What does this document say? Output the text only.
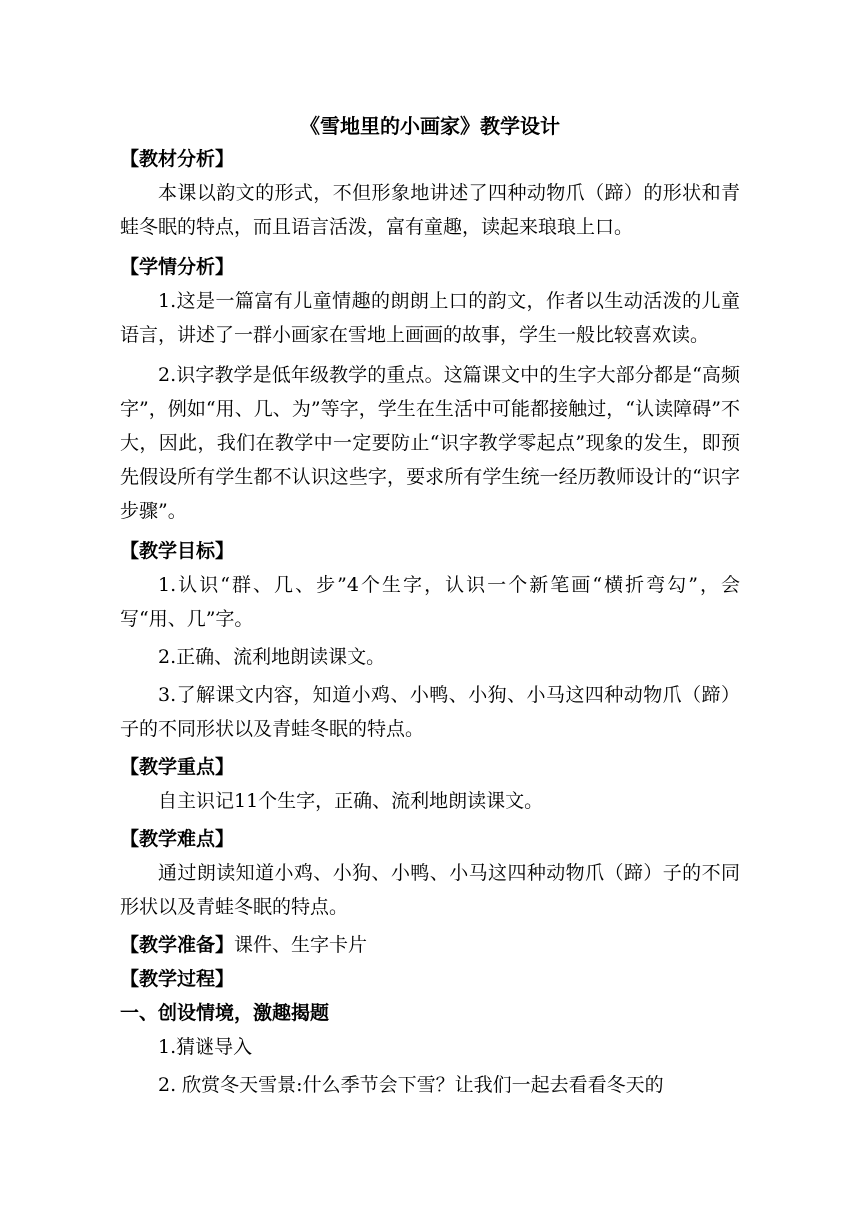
《雪地里的小画家》教学设计
【教材分析】
本课以韵文的形式，不但形象地讲述了四种动物爪（蹄）的形状和青蛙冬眠的特点，而且语言活泼，富有童趣，读起来琅琅上口。
【学情分析】
1.这是一篇富有儿童情趣的朗朗上口的韵文，作者以生动活泼的儿童语言，讲述了一群小画家在雪地上画画的故事，学生一般比较喜欢读。
2.识字教学是低年级教学的重点。这篇课文中的生字大部分都是“高频字”，例如“用、几、为”等字，学生在生活中可能都接触过，“认读障碍”不大，因此，我们在教学中一定要防止“识字教学零起点”现象的发生，即预先假设所有学生都不认识这些字，要求所有学生统一经历教师设计的“识字步骤”。
【教学目标】
1.认识“群、几、步”4个生字，认识一个新笔画“横折弯勾”，会写“用、几”字。
2.正确、流利地朗读课文。
3.了解课文内容，知道小鸡、小鸭、小狗、小马这四种动物爪（蹄）子的不同形状以及青蛙冬眠的特点。
【教学重点】
自主识记11个生字，正确、流利地朗读课文。
【教学难点】
通过朗读知道小鸡、小狗、小鸭、小马这四种动物爪（蹄）子的不同形状以及青蛙冬眠的特点。
【教学准备】课件、生字卡片
【教学过程】
一、创设情境，激趣揭题
1.猜谜导入
2. 欣赏冬天雪景:什么季节会下雪？让我们一起去看看冬天的
